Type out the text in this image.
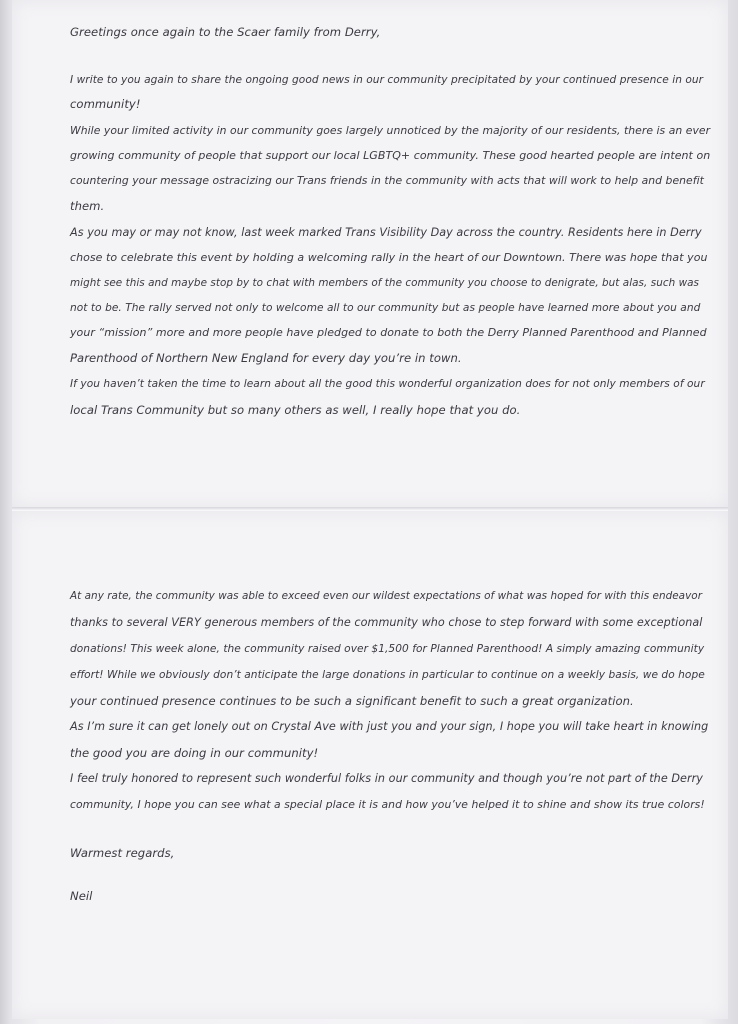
Greetings once again to the Scaer family from Derry,
I write to you again to share the ongoing good news in our community precipitated by your continued presence in our
community!
While your limited activity in our community goes largely unnoticed by the majority of our residents, there is an ever
growing community of people that support our local LGBTQ+ community. These good hearted people are intent on
countering your message ostracizing our Trans friends in the community with acts that will work to help and benefit
them.
As you may or may not know, last week marked Trans Visibility Day across the country. Residents here in Derry
chose to celebrate this event by holding a welcoming rally in the heart of our Downtown. There was hope that you
might see this and maybe stop by to chat with members of the community you choose to denigrate, but alas, such was
not to be. The rally served not only to welcome all to our community but as people have learned more about you and
your “mission” more and more people have pledged to donate to both the Derry Planned Parenthood and Planned
Parenthood of Northern New England for every day you’re in town.
If you haven’t taken the time to learn about all the good this wonderful organization does for not only members of our
local Trans Community but so many others as well, I really hope that you do.
At any rate, the community was able to exceed even our wildest expectations of what was hoped for with this endeavor
thanks to several VERY generous members of the community who chose to step forward with some exceptional
donations! This week alone, the community raised over $1,500 for Planned Parenthood! A simply amazing community
effort! While we obviously don’t anticipate the large donations in particular to continue on a weekly basis, we do hope
your continued presence continues to be such a significant benefit to such a great organization.
As I’m sure it can get lonely out on Crystal Ave with just you and your sign, I hope you will take heart in knowing
the good you are doing in our community!
I feel truly honored to represent such wonderful folks in our community and though you’re not part of the Derry
community, I hope you can see what a special place it is and how you’ve helped it to shine and show its true colors!
Warmest regards,
Neil
